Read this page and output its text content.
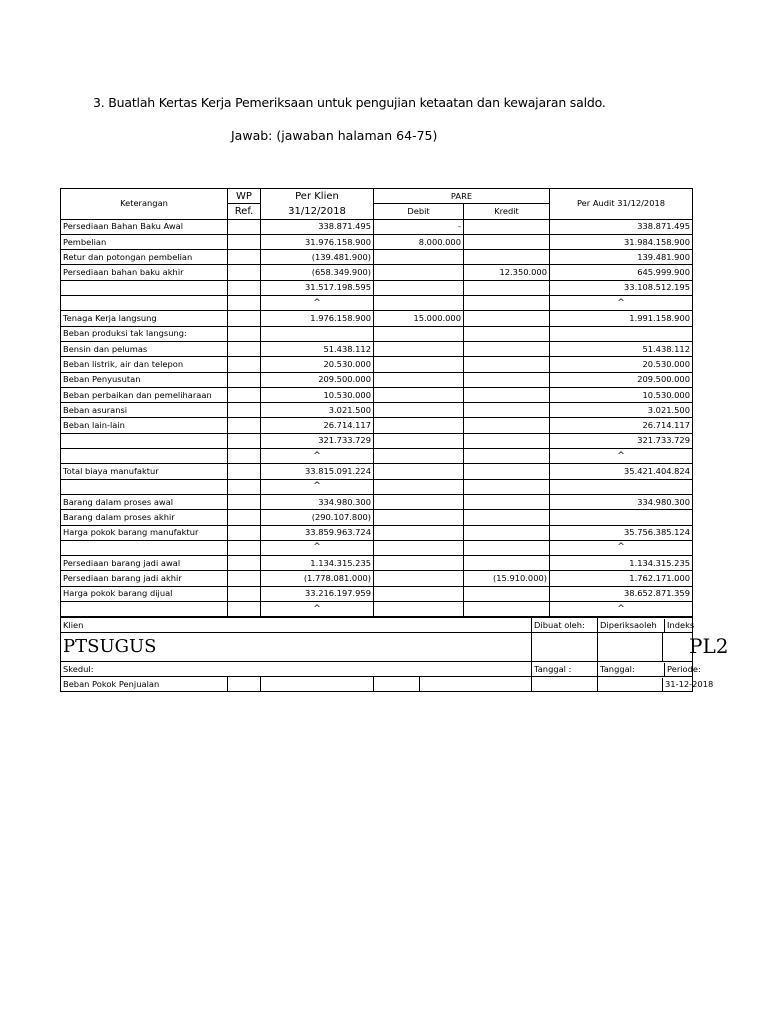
3. Buatlah Kertas Kerja Pemeriksaan untuk pengujian ketaatan dan kewajaran saldo.
Jawab: (jawaban halaman 64-75)
Keterangan	WP	Per Klien	PARE		Per Audit 31/12/2018
	Ref.	31/12/2018	Debit	Kredit	
Persediaan Bahan Baku Awal		338.871.495	-		338.871.495
Pembelian		31.976.158.900	8.000.000		31.984.158.900
Retur dan potongan pembelian		(139.481.900)			139.481.900
Persediaan bahan baku akhir		(658.349.900)		12.350.000	645.999.900
		31.517.198.595			33.108.512.195
		^			^
Tenaga Kerja langsung		1.976.158.900	15.000.000		1.991.158.900
Beban produksi tak langsung:					
Bensin dan pelumas		51.438.112			51.438.112
Beban listrik, air dan telepon		20.530.000			20.530.000
Beban Penyusutan		209.500.000			209.500.000
Beban perbaikan dan pemeliharaan		10.530.000			10.530.000
Beban asuransi		3.021.500			3.021.500
Beban lain-lain		26.714.117			26.714.117
		321.733.729			321.733.729
		^			^
Total biaya manufaktur		33.815.091.224			35.421.404.824
		^			
Barang dalam proses awal		334.980.300			334.980.300
Barang dalam proses akhir		(290.107.800)			
Harga pokok barang manufaktur		33.859.963.724			35.756.385.124
		^			^
Persediaan barang jadi awal		1.134.315.235			1.134.315.235
Persediaan barang jadi akhir		(1.778.081.000)		(15.910.000)	1.762.171.000
Harga pokok barang dijual		33.216.197.959			38.652.871.359
		^			^
Klien					Dibuat oleh:	Diperiksaoleh Indeks
PTSUGUS						PL2
Skedul:					Tanggal :	Tanggal: Periode:
Beban Pokok Penjualan						31-12-2018
